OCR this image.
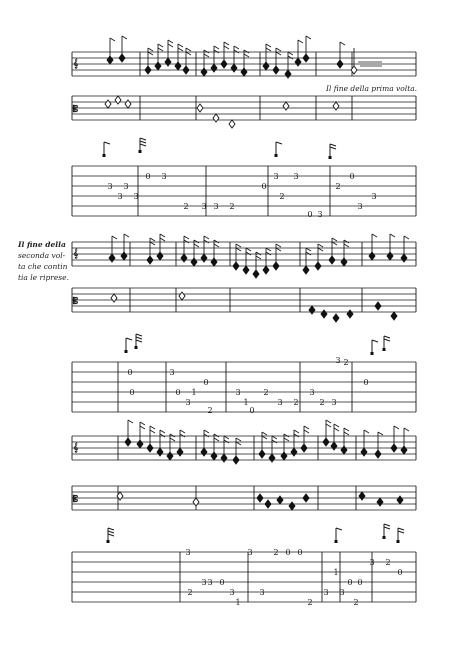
𝄞
𝄡
𝄞
𝄡
𝄞
𝄡
3 3
3 3
0 3
2 3 3 2
0
3
2
3
0 3
2
0
3
3
0
0
3
0
3
1
0
2
3
1
0
2
3 2
3
2 3
3 2
0
3
2
3 3 0
3
1
3
3
2 0 0
2
3
1
0 0
3
2
3 2
0
Il fine della prima volta.
Il fine della
seconda vol-
ta che contin
tia le riprese.
